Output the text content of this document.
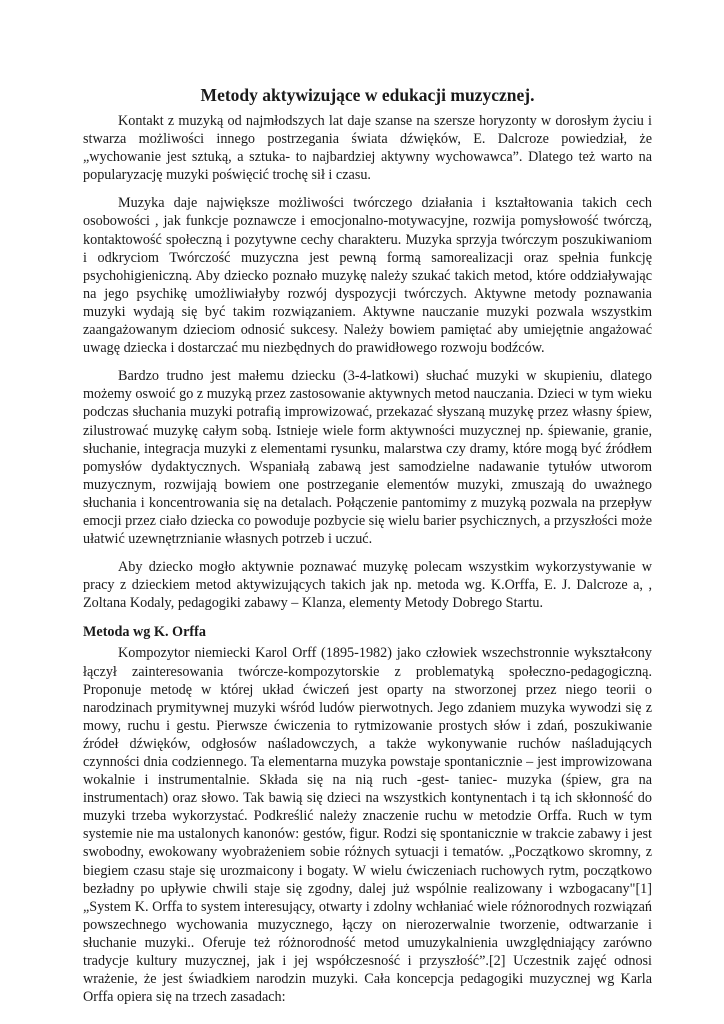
Metody aktywizujące w edukacji muzycznej.

Kontakt z muzyką od najmłodszych lat daje szanse na szersze horyzonty w dorosłym życiu i stwarza możliwości innego postrzegania świata dźwięków, E. Dalcroze powiedział, że „wychowanie jest sztuką, a sztuka- to najbardziej aktywny wychowawca”. Dlatego też warto na popularyzację muzyki poświęcić trochę sił i czasu.

Muzyka daje największe możliwości twórczego działania i kształtowania takich cech osobowości , jak funkcje poznawcze i emocjonalno-motywacyjne, rozwija pomysłowość twórczą, kontaktowość społeczną i pozytywne cechy charakteru. Muzyka sprzyja twórczym poszukiwaniom i odkryciom Twórczość muzyczna jest pewną formą samorealizacji oraz spełnia funkcję psychohigieniczną. Aby dziecko poznało muzykę należy szukać takich metod, które oddziaływając na jego psychikę umożliwiałyby rozwój dyspozycji twórczych. Aktywne metody poznawania muzyki wydają się być takim rozwiązaniem. Aktywne nauczanie muzyki pozwala wszystkim zaangażowanym dzieciom odnosić sukcesy. Należy bowiem pamiętać aby umiejętnie angażować uwagę dziecka i dostarczać mu niezbędnych do prawidłowego rozwoju bodźców.

Bardzo trudno jest małemu dziecku (3-4-latkowi) słuchać muzyki w skupieniu, dlatego możemy oswoić go z muzyką przez zastosowanie aktywnych metod nauczania. Dzieci w tym wieku podczas słuchania muzyki potrafią improwizować, przekazać słyszaną muzykę przez własny śpiew, zilustrować muzykę całym sobą. Istnieje wiele form aktywności muzycznej np. śpiewanie, granie, słuchanie, integracja muzyki z elementami rysunku, malarstwa czy dramy, które mogą być źródłem pomysłów dydaktycznych. Wspaniałą zabawą jest samodzielne nadawanie tytułów utworom muzycznym, rozwijają bowiem one postrzeganie elementów muzyki, zmuszają do uważnego słuchania i koncentrowania się na detalach. Połączenie pantomimy z muzyką pozwala na przepływ emocji przez ciało dziecka co powoduje pozbycie się wielu barier psychicznych, a przyszłości może ułatwić uzewnętrznianie własnych potrzeb i uczuć.

Aby dziecko mogło aktywnie poznawać muzykę polecam wszystkim wykorzystywanie w pracy z dzieckiem metod aktywizujących takich jak np. metoda wg. K.Orffa, E. J. Dalcroze a, , Zoltana Kodaly, pedagogiki zabawy – Klanza, elementy Metody Dobrego Startu.

Metoda wg K. Orffa

Kompozytor niemiecki Karol Orff (1895-1982) jako człowiek wszechstronnie wykształcony łączył zainteresowania twórcze-kompozytorskie z problematyką społeczno-pedagogiczną. Proponuje metodę w której układ ćwiczeń jest oparty na stworzonej przez niego teorii o narodzinach prymitywnej muzyki wśród ludów pierwotnych. Jego zdaniem muzyka wywodzi się z mowy, ruchu i gestu. Pierwsze ćwiczenia to rytmizowanie prostych słów i zdań, poszukiwanie źródeł dźwięków, odgłosów naśladowczych, a także wykonywanie ruchów naśladujących czynności dnia codziennego. Ta elementarna muzyka powstaje spontanicznie – jest improwizowana wokalnie i instrumentalnie. Składa się na nią ruch -gest- taniec- muzyka (śpiew, gra na instrumentach) oraz słowo. Tak bawią się dzieci na wszystkich kontynentach i tą ich skłonność do muzyki trzeba wykorzystać. Podkreślić należy znaczenie ruchu w metodzie Orffa. Ruch w tym systemie nie ma ustalonych kanonów: gestów, figur. Rodzi się spontanicznie w trakcie zabawy i jest swobodny, ewokowany wyobrażeniem sobie różnych sytuacji i tematów. „Początkowo skromny, z biegiem czasu staje się urozmaicony i bogaty. W wielu ćwiczeniach ruchowych rytm, początkowo bezładny po upływie chwili staje się zgodny, dalej już wspólnie realizowany i wzbogacany"[1] „System K. Orffa to system interesujący, otwarty i zdolny wchłaniać wiele różnorodnych rozwiązań powszechnego wychowania muzycznego, łączy on nierozerwalnie tworzenie, odtwarzanie i słuchanie muzyki.. Oferuje też różnorodność metod umuzykalnienia uwzględniający zarówno tradycje kultury muzycznej, jak i jej współczesność i przyszłość”.[2] Uczestnik zajęć odnosi wrażenie, że jest świadkiem narodzin muzyki. Cała koncepcja pedagogiki muzycznej wg Karla Orffa opiera się na trzech zasadach:
